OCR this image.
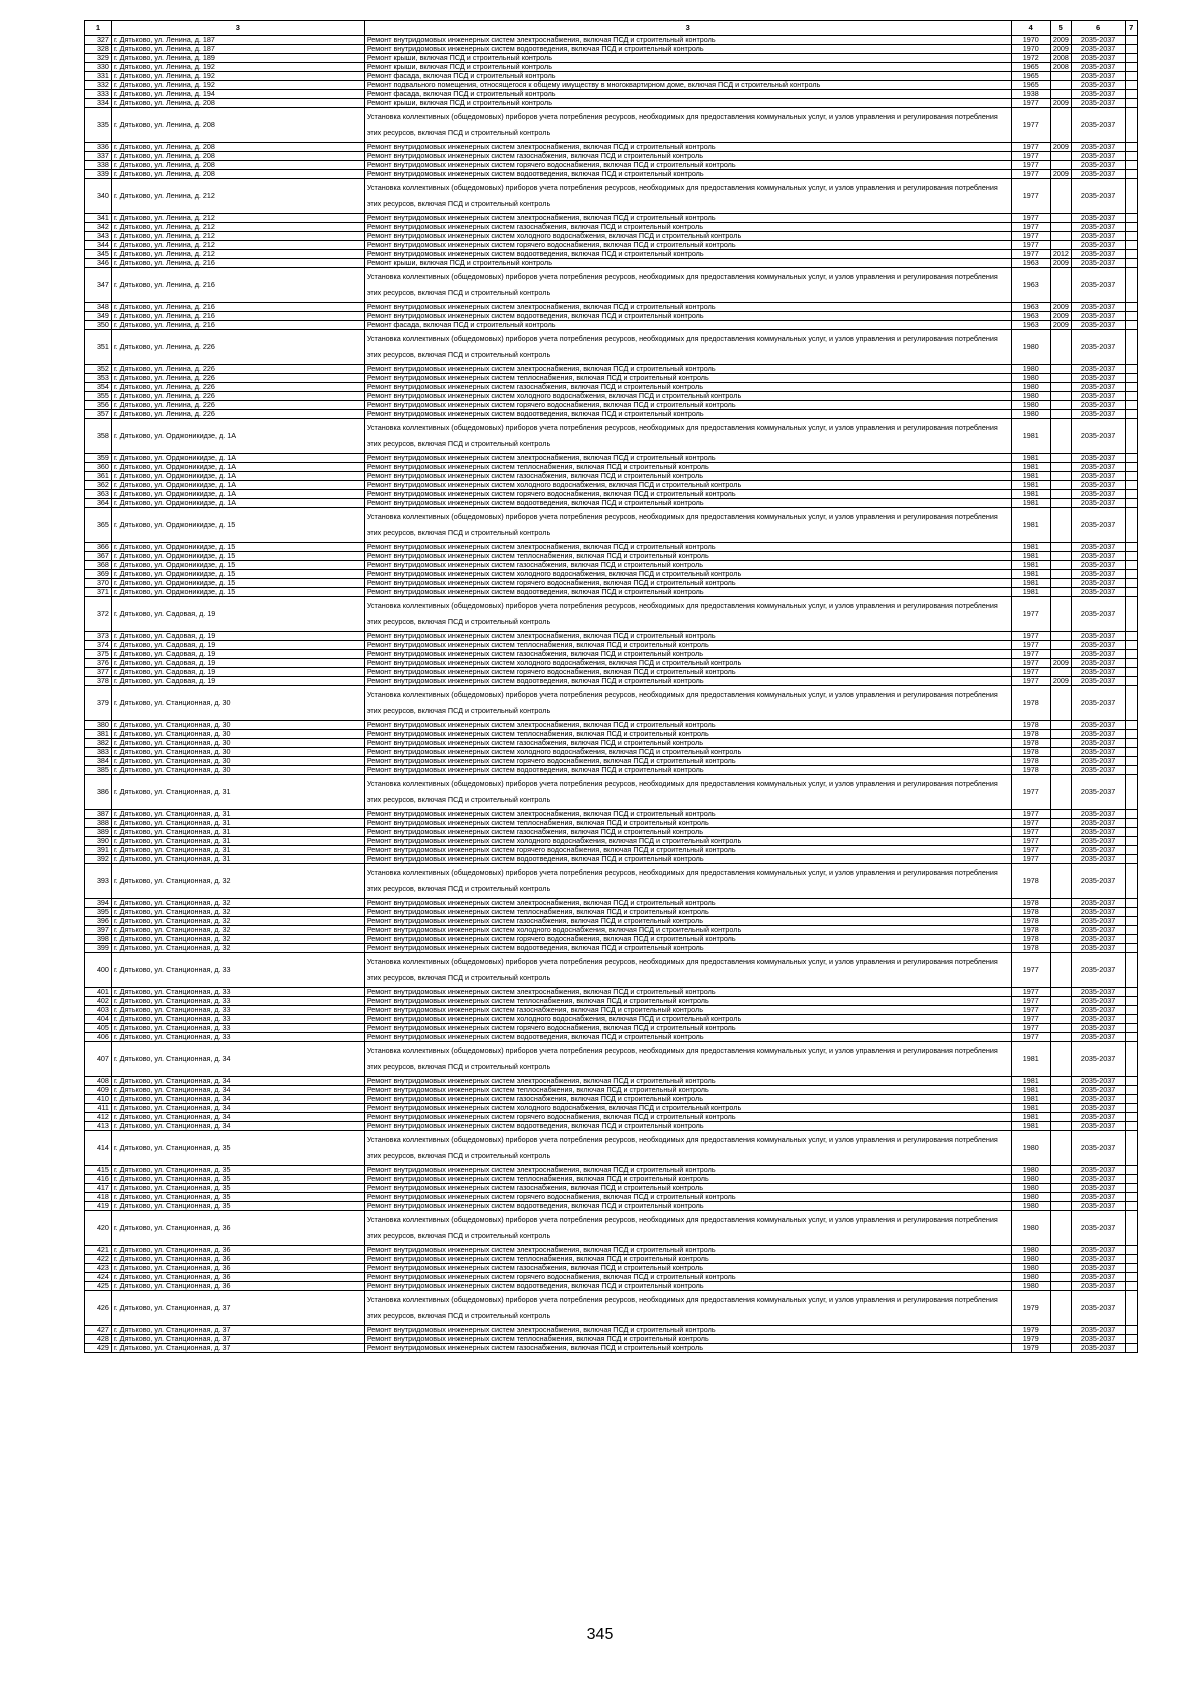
1	3	3	4	5	6	7
327	г. Дятьково, ул. Ленина, д. 187	Ремонт внутридомовых инженерных систем электроснабжения, включая ПСД и строительный контроль	1970	2009	2035-2037	
328	г. Дятьково, ул. Ленина, д. 187	Ремонт внутридомовых инженерных систем водоотведения, включая ПСД и строительный контроль	1970	2009	2035-2037	
329	г. Дятьково, ул. Ленина, д. 189	Ремонт крыши, включая ПСД и строительный контроль	1972	2008	2035-2037	
330	г. Дятьково, ул. Ленина, д. 192	Ремонт крыши, включая ПСД и строительный контроль	1965	2008	2035-2037	
331	г. Дятьково, ул. Ленина, д. 192	Ремонт фасада, включая ПСД и строительный контроль	1965		2035-2037	
332	г. Дятьково, ул. Ленина, д. 192	Ремонт подвального помещения, относящегося к общему имуществу в многоквартирном доме, включая ПСД и строительный контроль	1965		2035-2037	
333	г. Дятьково, ул. Ленина, д. 194	Ремонт фасада, включая ПСД и строительный контроль	1938		2035-2037	
334	г. Дятьково, ул. Ленина, д. 208	Ремонт крыши, включая ПСД и строительный контроль	1977	2009	2035-2037	
335	г. Дятьково, ул. Ленина, д. 208	Установка коллективных (общедомовых) приборов учета потребления ресурсов, необходимых для предоставления коммунальных услуг, и узлов управления и регулирования потребления этих ресурсов, включая ПСД и строительный контроль	1977		2035-2037	
336	г. Дятьково, ул. Ленина, д. 208	Ремонт внутридомовых инженерных систем электроснабжения, включая ПСД и строительный контроль	1977	2009	2035-2037	
337	г. Дятьково, ул. Ленина, д. 208	Ремонт внутридомовых инженерных систем газоснабжения, включая ПСД и строительный контроль	1977		2035-2037	
338	г. Дятьково, ул. Ленина, д. 208	Ремонт внутридомовых инженерных систем горячего водоснабжения, включая ПСД и строительный контроль	1977		2035-2037	
339	г. Дятьково, ул. Ленина, д. 208	Ремонт внутридомовых инженерных систем водоотведения, включая ПСД и строительный контроль	1977	2009	2035-2037	
340	г. Дятьково, ул. Ленина, д. 212	Установка коллективных (общедомовых) приборов учета потребления ресурсов, необходимых для предоставления коммунальных услуг, и узлов управления и регулирования потребления этих ресурсов, включая ПСД и строительный контроль	1977		2035-2037	
341	г. Дятьково, ул. Ленина, д. 212	Ремонт внутридомовых инженерных систем электроснабжения, включая ПСД и строительный контроль	1977		2035-2037	
342	г. Дятьково, ул. Ленина, д. 212	Ремонт внутридомовых инженерных систем газоснабжения, включая ПСД и строительный контроль	1977		2035-2037	
343	г. Дятьково, ул. Ленина, д. 212	Ремонт внутридомовых инженерных систем холодного водоснабжения, включая ПСД и строительный контроль	1977		2035-2037	
344	г. Дятьково, ул. Ленина, д. 212	Ремонт внутридомовых инженерных систем горячего водоснабжения, включая ПСД и строительный контроль	1977		2035-2037	
345	г. Дятьково, ул. Ленина, д. 212	Ремонт внутридомовых инженерных систем водоотведения, включая ПСД и строительный контроль	1977	2012	2035-2037	
346	г. Дятьково, ул. Ленина, д. 216	Ремонт крыши, включая ПСД и строительный контроль	1963	2009	2035-2037	
347	г. Дятьково, ул. Ленина, д. 216	Установка коллективных (общедомовых) приборов учета потребления ресурсов, необходимых для предоставления коммунальных услуг, и узлов управления и регулирования потребления этих ресурсов, включая ПСД и строительный контроль	1963		2035-2037	
348	г. Дятьково, ул. Ленина, д. 216	Ремонт внутридомовых инженерных систем электроснабжения, включая ПСД и строительный контроль	1963	2009	2035-2037	
349	г. Дятьково, ул. Ленина, д. 216	Ремонт внутридомовых инженерных систем водоотведения, включая ПСД и строительный контроль	1963	2009	2035-2037	
350	г. Дятьково, ул. Ленина, д. 216	Ремонт фасада, включая ПСД и строительный контроль	1963	2009	2035-2037	
351	г. Дятьково, ул. Ленина, д. 226	Установка коллективных (общедомовых) приборов учета потребления ресурсов, необходимых для предоставления коммунальных услуг, и узлов управления и регулирования потребления этих ресурсов, включая ПСД и строительный контроль	1980		2035-2037	
352	г. Дятьково, ул. Ленина, д. 226	Ремонт внутридомовых инженерных систем электроснабжения, включая ПСД и строительный контроль	1980		2035-2037	
353	г. Дятьково, ул. Ленина, д. 226	Ремонт внутридомовых инженерных систем теплоснабжения, включая ПСД и строительный контроль	1980		2035-2037	
354	г. Дятьково, ул. Ленина, д. 226	Ремонт внутридомовых инженерных систем газоснабжения, включая ПСД и строительный контроль	1980		2035-2037	
355	г. Дятьково, ул. Ленина, д. 226	Ремонт внутридомовых инженерных систем холодного водоснабжения, включая ПСД и строительный контроль	1980		2035-2037	
356	г. Дятьково, ул. Ленина, д. 226	Ремонт внутридомовых инженерных систем горячего водоснабжения, включая ПСД и строительный контроль	1980		2035-2037	
357	г. Дятьково, ул. Ленина, д. 226	Ремонт внутридомовых инженерных систем водоотведения, включая ПСД и строительный контроль	1980		2035-2037	
358	г. Дятьково, ул. Орджоникидзе, д. 1А	Установка коллективных (общедомовых) приборов учета потребления ресурсов, необходимых для предоставления коммунальных услуг, и узлов управления и регулирования потребления этих ресурсов, включая ПСД и строительный контроль	1981		2035-2037	
359	г. Дятьково, ул. Орджоникидзе, д. 1А	Ремонт внутридомовых инженерных систем электроснабжения, включая ПСД и строительный контроль	1981		2035-2037	
360	г. Дятьково, ул. Орджоникидзе, д. 1А	Ремонт внутридомовых инженерных систем теплоснабжения, включая ПСД и строительный контроль	1981		2035-2037	
361	г. Дятьково, ул. Орджоникидзе, д. 1А	Ремонт внутридомовых инженерных систем газоснабжения, включая ПСД и строительный контроль	1981		2035-2037	
362	г. Дятьково, ул. Орджоникидзе, д. 1А	Ремонт внутридомовых инженерных систем холодного водоснабжения, включая ПСД и строительный контроль	1981		2035-2037	
363	г. Дятьково, ул. Орджоникидзе, д. 1А	Ремонт внутридомовых инженерных систем горячего водоснабжения, включая ПСД и строительный контроль	1981		2035-2037	
364	г. Дятьково, ул. Орджоникидзе, д. 1А	Ремонт внутридомовых инженерных систем водоотведения, включая ПСД и строительный контроль	1981		2035-2037	
365	г. Дятьково, ул. Орджоникидзе, д. 15	Установка коллективных (общедомовых) приборов учета потребления ресурсов, необходимых для предоставления коммунальных услуг, и узлов управления и регулирования потребления этих ресурсов, включая ПСД и строительный контроль	1981		2035-2037	
366	г. Дятьково, ул. Орджоникидзе, д. 15	Ремонт внутридомовых инженерных систем электроснабжения, включая ПСД и строительный контроль	1981		2035-2037	
367	г. Дятьково, ул. Орджоникидзе, д. 15	Ремонт внутридомовых инженерных систем теплоснабжения, включая ПСД и строительный контроль	1981		2035-2037	
368	г. Дятьково, ул. Орджоникидзе, д. 15	Ремонт внутридомовых инженерных систем газоснабжения, включая ПСД и строительный контроль	1981		2035-2037	
369	г. Дятьково, ул. Орджоникидзе, д. 15	Ремонт внутридомовых инженерных систем холодного водоснабжения, включая ПСД и строительный контроль	1981		2035-2037	
370	г. Дятьково, ул. Орджоникидзе, д. 15	Ремонт внутридомовых инженерных систем горячего водоснабжения, включая ПСД и строительный контроль	1981		2035-2037	
371	г. Дятьково, ул. Орджоникидзе, д. 15	Ремонт внутридомовых инженерных систем водоотведения, включая ПСД и строительный контроль	1981		2035-2037	
372	г. Дятьково, ул. Садовая, д. 19	Установка коллективных (общедомовых) приборов учета потребления ресурсов, необходимых для предоставления коммунальных услуг, и узлов управления и регулирования потребления этих ресурсов, включая ПСД и строительный контроль	1977		2035-2037	
373	г. Дятьково, ул. Садовая, д. 19	Ремонт внутридомовых инженерных систем электроснабжения, включая ПСД и строительный контроль	1977		2035-2037	
374	г. Дятьково, ул. Садовая, д. 19	Ремонт внутридомовых инженерных систем теплоснабжения, включая ПСД и строительный контроль	1977		2035-2037	
375	г. Дятьково, ул. Садовая, д. 19	Ремонт внутридомовых инженерных систем газоснабжения, включая ПСД и строительный контроль	1977		2035-2037	
376	г. Дятьково, ул. Садовая, д. 19	Ремонт внутридомовых инженерных систем холодного водоснабжения, включая ПСД и строительный контроль	1977	2009	2035-2037	
377	г. Дятьково, ул. Садовая, д. 19	Ремонт внутридомовых инженерных систем горячего водоснабжения, включая ПСД и строительный контроль	1977		2035-2037	
378	г. Дятьково, ул. Садовая, д. 19	Ремонт внутридомовых инженерных систем водоотведения, включая ПСД и строительный контроль	1977	2009	2035-2037	
379	г. Дятьково, ул. Станционная, д. 30	Установка коллективных (общедомовых) приборов учета потребления ресурсов, необходимых для предоставления коммунальных услуг, и узлов управления и регулирования потребления этих ресурсов, включая ПСД и строительный контроль	1978		2035-2037	
380	г. Дятьково, ул. Станционная, д. 30	Ремонт внутридомовых инженерных систем электроснабжения, включая ПСД и строительный контроль	1978		2035-2037	
381	г. Дятьково, ул. Станционная, д. 30	Ремонт внутридомовых инженерных систем теплоснабжения, включая ПСД и строительный контроль	1978		2035-2037	
382	г. Дятьково, ул. Станционная, д. 30	Ремонт внутридомовых инженерных систем газоснабжения, включая ПСД и строительный контроль	1978		2035-2037	
383	г. Дятьково, ул. Станционная, д. 30	Ремонт внутридомовых инженерных систем холодного водоснабжения, включая ПСД и строительный контроль	1978		2035-2037	
384	г. Дятьково, ул. Станционная, д. 30	Ремонт внутридомовых инженерных систем горячего водоснабжения, включая ПСД и строительный контроль	1978		2035-2037	
385	г. Дятьково, ул. Станционная, д. 30	Ремонт внутридомовых инженерных систем водоотведения, включая ПСД и строительный контроль	1978		2035-2037	
386	г. Дятьково, ул. Станционная, д. 31	Установка коллективных (общедомовых) приборов учета потребления ресурсов, необходимых для предоставления коммунальных услуг, и узлов управления и регулирования потребления этих ресурсов, включая ПСД и строительный контроль	1977		2035-2037	
387	г. Дятьково, ул. Станционная, д. 31	Ремонт внутридомовых инженерных систем электроснабжения, включая ПСД и строительный контроль	1977		2035-2037	
388	г. Дятьково, ул. Станционная, д. 31	Ремонт внутридомовых инженерных систем теплоснабжения, включая ПСД и строительный контроль	1977		2035-2037	
389	г. Дятьково, ул. Станционная, д. 31	Ремонт внутридомовых инженерных систем газоснабжения, включая ПСД и строительный контроль	1977		2035-2037	
390	г. Дятьково, ул. Станционная, д. 31	Ремонт внутридомовых инженерных систем холодного водоснабжения, включая ПСД и строительный контроль	1977		2035-2037	
391	г. Дятьково, ул. Станционная, д. 31	Ремонт внутридомовых инженерных систем горячего водоснабжения, включая ПСД и строительный контроль	1977		2035-2037	
392	г. Дятьково, ул. Станционная, д. 31	Ремонт внутридомовых инженерных систем водоотведения, включая ПСД и строительный контроль	1977		2035-2037	
393	г. Дятьково, ул. Станционная, д. 32	Установка коллективных (общедомовых) приборов учета потребления ресурсов, необходимых для предоставления коммунальных услуг, и узлов управления и регулирования потребления этих ресурсов, включая ПСД и строительный контроль	1978		2035-2037	
394	г. Дятьково, ул. Станционная, д. 32	Ремонт внутридомовых инженерных систем электроснабжения, включая ПСД и строительный контроль	1978		2035-2037	
395	г. Дятьково, ул. Станционная, д. 32	Ремонт внутридомовых инженерных систем теплоснабжения, включая ПСД и строительный контроль	1978		2035-2037	
396	г. Дятьково, ул. Станционная, д. 32	Ремонт внутридомовых инженерных систем газоснабжения, включая ПСД и строительный контроль	1978		2035-2037	
397	г. Дятьково, ул. Станционная, д. 32	Ремонт внутридомовых инженерных систем холодного водоснабжения, включая ПСД и строительный контроль	1978		2035-2037	
398	г. Дятьково, ул. Станционная, д. 32	Ремонт внутридомовых инженерных систем горячего водоснабжения, включая ПСД и строительный контроль	1978		2035-2037	
399	г. Дятьково, ул. Станционная, д. 32	Ремонт внутридомовых инженерных систем водоотведения, включая ПСД и строительный контроль	1978		2035-2037	
400	г. Дятьково, ул. Станционная, д. 33	Установка коллективных (общедомовых) приборов учета потребления ресурсов, необходимых для предоставления коммунальных услуг, и узлов управления и регулирования потребления этих ресурсов, включая ПСД и строительный контроль	1977		2035-2037	
401	г. Дятьково, ул. Станционная, д. 33	Ремонт внутридомовых инженерных систем электроснабжения, включая ПСД и строительный контроль	1977		2035-2037	
402	г. Дятьково, ул. Станционная, д. 33	Ремонт внутридомовых инженерных систем теплоснабжения, включая ПСД и строительный контроль	1977		2035-2037	
403	г. Дятьково, ул. Станционная, д. 33	Ремонт внутридомовых инженерных систем газоснабжения, включая ПСД и строительный контроль	1977		2035-2037	
404	г. Дятьково, ул. Станционная, д. 33	Ремонт внутридомовых инженерных систем холодного водоснабжения, включая ПСД и строительный контроль	1977		2035-2037	
405	г. Дятьково, ул. Станционная, д. 33	Ремонт внутридомовых инженерных систем горячего водоснабжения, включая ПСД и строительный контроль	1977		2035-2037	
406	г. Дятьково, ул. Станционная, д. 33	Ремонт внутридомовых инженерных систем водоотведения, включая ПСД и строительный контроль	1977		2035-2037	
407	г. Дятьково, ул. Станционная, д. 34	Установка коллективных (общедомовых) приборов учета потребления ресурсов, необходимых для предоставления коммунальных услуг, и узлов управления и регулирования потребления этих ресурсов, включая ПСД и строительный контроль	1981		2035-2037	
408	г. Дятьково, ул. Станционная, д. 34	Ремонт внутридомовых инженерных систем электроснабжения, включая ПСД и строительный контроль	1981		2035-2037	
409	г. Дятьково, ул. Станционная, д. 34	Ремонт внутридомовых инженерных систем теплоснабжения, включая ПСД и строительный контроль	1981		2035-2037	
410	г. Дятьково, ул. Станционная, д. 34	Ремонт внутридомовых инженерных систем газоснабжения, включая ПСД и строительный контроль	1981		2035-2037	
411	г. Дятьково, ул. Станционная, д. 34	Ремонт внутридомовых инженерных систем холодного водоснабжения, включая ПСД и строительный контроль	1981		2035-2037	
412	г. Дятьково, ул. Станционная, д. 34	Ремонт внутридомовых инженерных систем горячего водоснабжения, включая ПСД и строительный контроль	1981		2035-2037	
413	г. Дятьково, ул. Станционная, д. 34	Ремонт внутридомовых инженерных систем водоотведения, включая ПСД и строительный контроль	1981		2035-2037	
414	г. Дятьково, ул. Станционная, д. 35	Установка коллективных (общедомовых) приборов учета потребления ресурсов, необходимых для предоставления коммунальных услуг, и узлов управления и регулирования потребления этих ресурсов, включая ПСД и строительный контроль	1980		2035-2037	
415	г. Дятьково, ул. Станционная, д. 35	Ремонт внутридомовых инженерных систем электроснабжения, включая ПСД и строительный контроль	1980		2035-2037	
416	г. Дятьково, ул. Станционная, д. 35	Ремонт внутридомовых инженерных систем теплоснабжения, включая ПСД и строительный контроль	1980		2035-2037	
417	г. Дятьково, ул. Станционная, д. 35	Ремонт внутридомовых инженерных систем газоснабжения, включая ПСД и строительный контроль	1980		2035-2037	
418	г. Дятьково, ул. Станционная, д. 35	Ремонт внутридомовых инженерных систем горячего водоснабжения, включая ПСД и строительный контроль	1980		2035-2037	
419	г. Дятьково, ул. Станционная, д. 35	Ремонт внутридомовых инженерных систем водоотведения, включая ПСД и строительный контроль	1980		2035-2037	
420	г. Дятьково, ул. Станционная, д. 36	Установка коллективных (общедомовых) приборов учета потребления ресурсов, необходимых для предоставления коммунальных услуг, и узлов управления и регулирования потребления этих ресурсов, включая ПСД и строительный контроль	1980		2035-2037	
421	г. Дятьково, ул. Станционная, д. 36	Ремонт внутридомовых инженерных систем электроснабжения, включая ПСД и строительный контроль	1980		2035-2037	
422	г. Дятьково, ул. Станционная, д. 36	Ремонт внутридомовых инженерных систем теплоснабжения, включая ПСД и строительный контроль	1980		2035-2037	
423	г. Дятьково, ул. Станционная, д. 36	Ремонт внутридомовых инженерных систем газоснабжения, включая ПСД и строительный контроль	1980		2035-2037	
424	г. Дятьково, ул. Станционная, д. 36	Ремонт внутридомовых инженерных систем горячего водоснабжения, включая ПСД и строительный контроль	1980		2035-2037	
425	г. Дятьково, ул. Станционная, д. 36	Ремонт внутридомовых инженерных систем водоотведения, включая ПСД и строительный контроль	1980		2035-2037	
426	г. Дятьково, ул. Станционная, д. 37	Установка коллективных (общедомовых) приборов учета потребления ресурсов, необходимых для предоставления коммунальных услуг, и узлов управления и регулирования потребления этих ресурсов, включая ПСД и строительный контроль	1979		2035-2037	
427	г. Дятьково, ул. Станционная, д. 37	Ремонт внутридомовых инженерных систем электроснабжения, включая ПСД и строительный контроль	1979		2035-2037	
428	г. Дятьково, ул. Станционная, д. 37	Ремонт внутридомовых инженерных систем теплоснабжения, включая ПСД и строительный контроль	1979		2035-2037	
429	г. Дятьково, ул. Станционная, д. 37	Ремонт внутридомовых инженерных систем газоснабжения, включая ПСД и строительный контроль	1979		2035-2037	
345
